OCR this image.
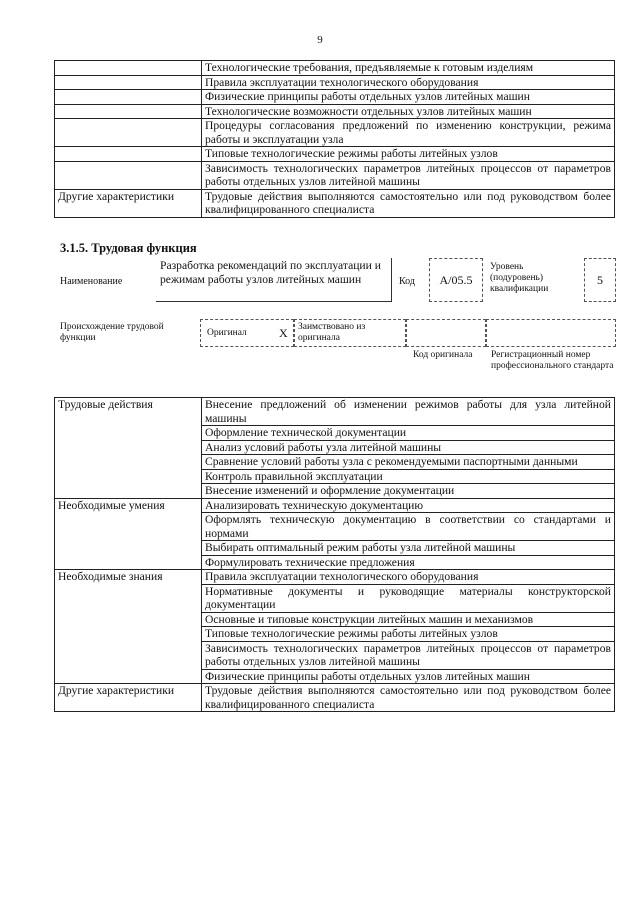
9
	Технологические требования, предъявляемые к готовым изделиям
	Правила эксплуатации технологического оборудования
	Физические принципы работы отдельных узлов литейных машин
	Технологические возможности отдельных узлов литейных машин
	Процедуры согласования предложений по изменению конструкции, режима работы и эксплуатации узла
	Типовые технологические режимы работы литейных узлов
	Зависимость технологических параметров литейных процессов от параметров работы отдельных узлов литейной машины
Другие характеристики	Трудовые действия выполняются самостоятельно или под руководством более квалифицированного специалиста
3.1.5. Трудовая функция
Наименование
Разработка рекомендаций по эксплуатации и режимам работы узлов литейных машин	Код	A/05.5
Уровень (подуровень) квалификации
5
Происхождение трудовой функции	Оригинал	X Заимствовано из оригинала
Код оригинала Регистрационный номер профессионального стандарта
Трудовые действия	Внесение предложений об изменении режимов работы для узла литейной машины
	Оформление технической документации
	Анализ условий работы узла литейной машины
	Сравнение условий работы узла с рекомендуемыми паспортными данными
	Контроль правильной эксплуатации
	Внесение изменений и оформление документации
Необходимые умения	Анализировать техническую документацию
	Оформлять техническую документацию в соответствии со стандартами и нормами
	Выбирать оптимальный режим работы узла литейной машины
	Формулировать технические предложения
Необходимые знания	Правила эксплуатации технологического оборудования
	Нормативные документы и руководящие материалы конструкторской документации
	Основные и типовые конструкции литейных машин и механизмов
	Типовые технологические режимы работы литейных узлов
	Зависимость технологических параметров литейных процессов от параметров работы отдельных узлов литейной машины
	Физические принципы работы отдельных узлов литейных машин
Другие характеристики	Трудовые действия выполняются самостоятельно или под руководством более квалифицированного специалиста
